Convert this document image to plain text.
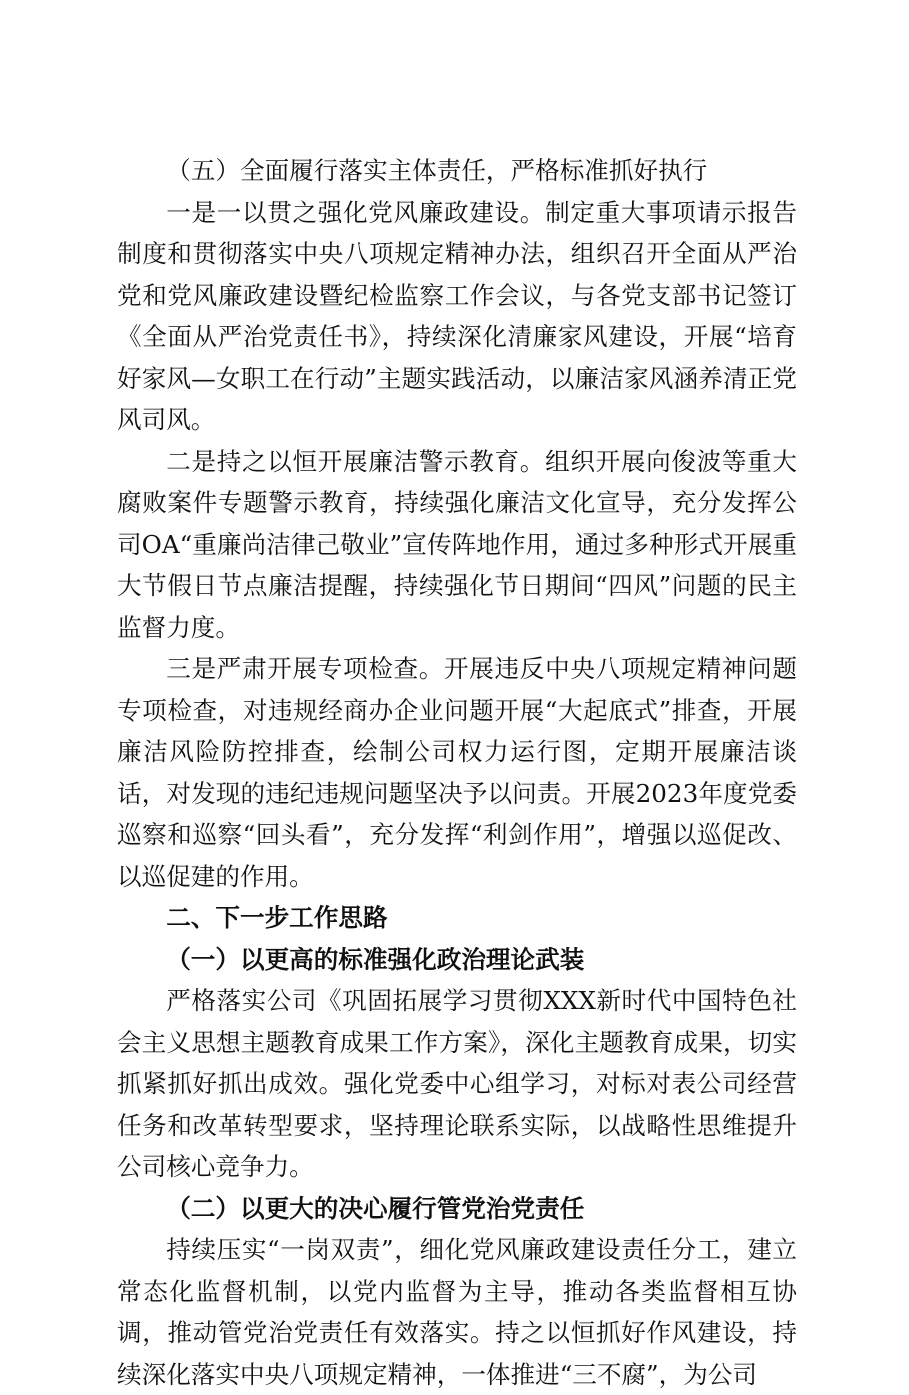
（五）全面履行落实主体责任，严格标准抓好执行

一是一以贯之强化党风廉政建设。制定重大事项请示报告制度和贯彻落实中央八项规定精神办法，组织召开全面从严治党和党风廉政建设暨纪检监察工作会议，与各党支部书记签订《全面从严治党责任书》，持续深化清廉家风建设，开展“培育好家风—女职工在行动”主题实践活动，以廉洁家风涵养清正党风司风。

二是持之以恒开展廉洁警示教育。组织开展向俊波等重大腐败案件专题警示教育，持续强化廉洁文化宣导，充分发挥公司OA“重廉尚洁律己敬业”宣传阵地作用，通过多种形式开展重大节假日节点廉洁提醒，持续强化节日期间“四风”问题的民主监督力度。

三是严肃开展专项检查。开展违反中央八项规定精神问题专项检查，对违规经商办企业问题开展“大起底式”排查，开展廉洁风险防控排查，绘制公司权力运行图，定期开展廉洁谈话，对发现的违纪违规问题坚决予以问责。开展2023年度党委巡察和巡察“回头看”，充分发挥“利剑作用”，增强以巡促改、以巡促建的作用。

二、下一步工作思路

（一）以更高的标准强化政治理论武装

严格落实公司《巩固拓展学习贯彻XXX新时代中国特色社会主义思想主题教育成果工作方案》，深化主题教育成果，切实抓紧抓好抓出成效。强化党委中心组学习，对标对表公司经营任务和改革转型要求，坚持理论联系实际，以战略性思维提升公司核心竞争力。

（二）以更大的决心履行管党治党责任

持续压实“一岗双责”，细化党风廉政建设责任分工，建立常态化监督机制，以党内监督为主导，推动各类监督相互协调，推动管党治党责任有效落实。持之以恒抓好作风建设，持续深化落实中央八项规定精神，一体推进“三不腐”，为公司
